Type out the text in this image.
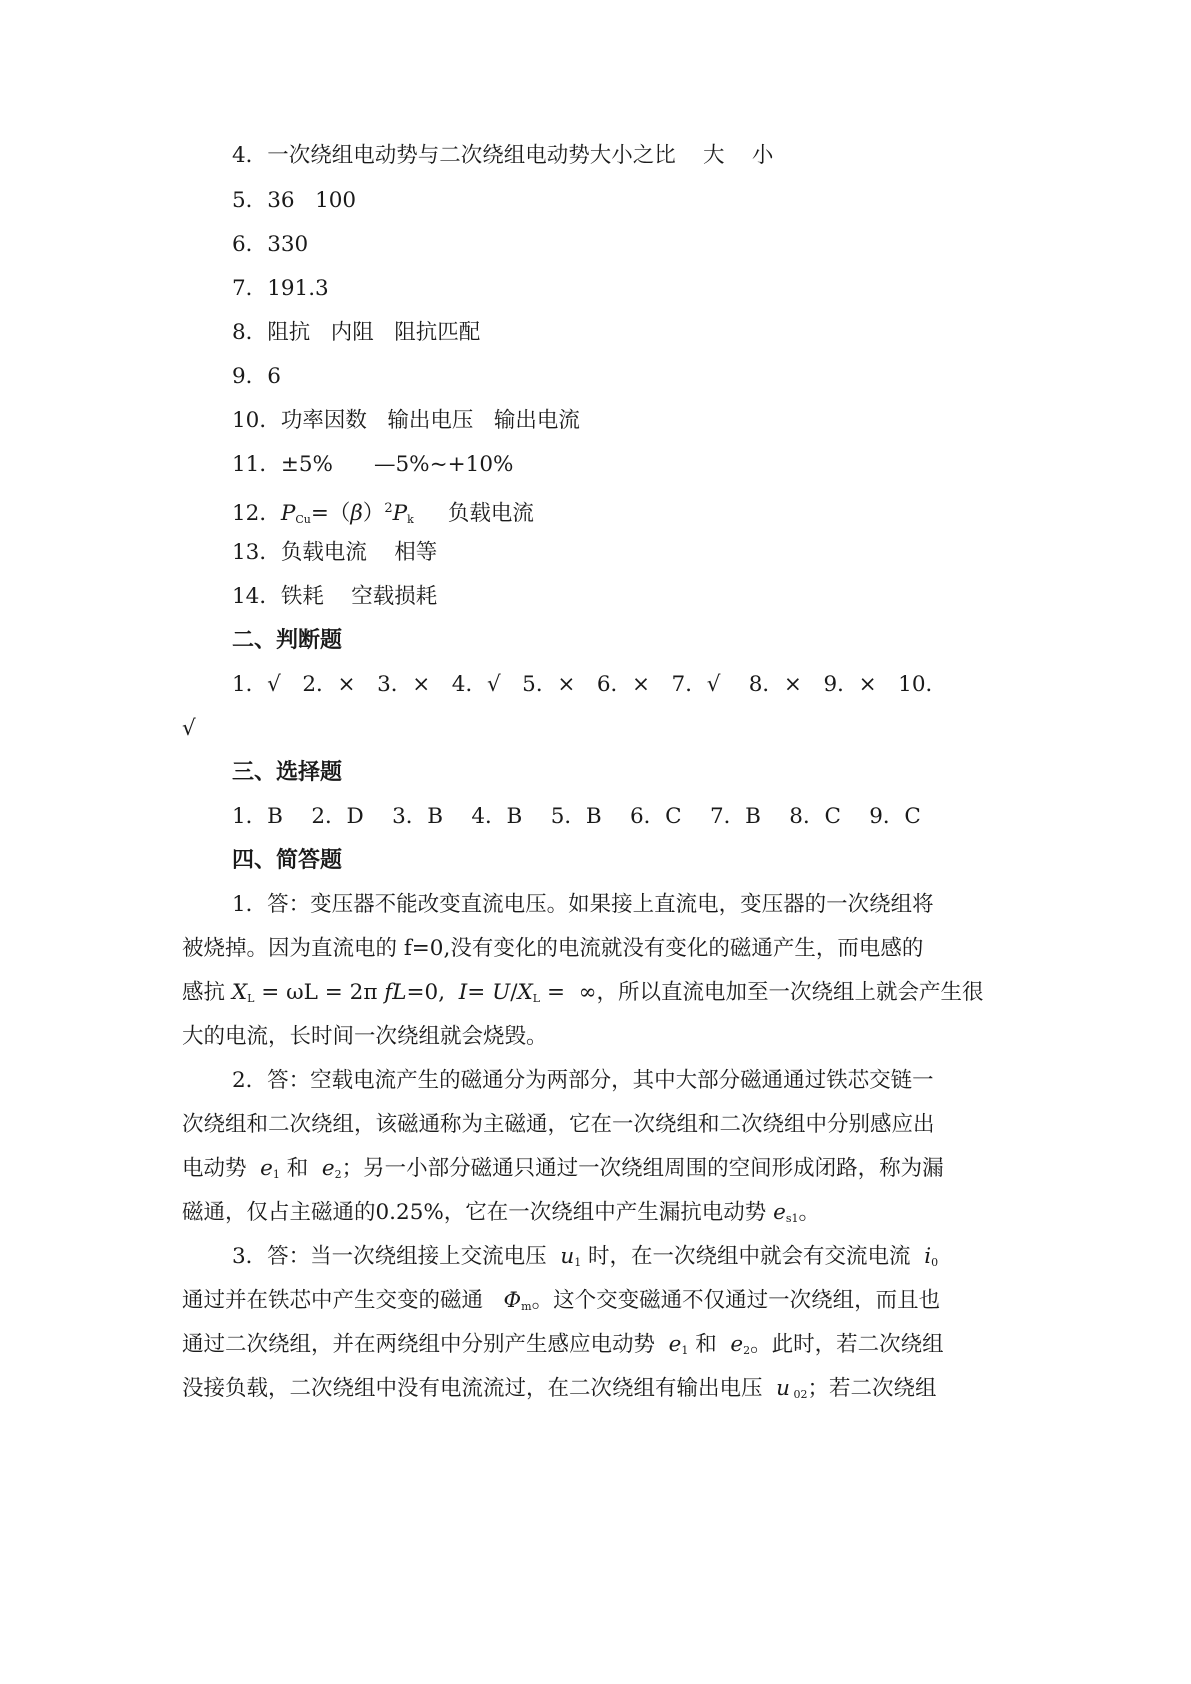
4．一次绕组电动势与二次绕组电动势大小之比 大 小
5．36 100
6．330
7．191.3
8．阻抗 内阻 阻抗匹配
9．6
10．功率因数 输出电压 输出电流
11．±5% —5%~+10%
12．$P_{Cu}=(\beta)^2P_k$ 负载电流
13．负载电流 相等
14．铁耗 空载损耗
二、判断题
1．√　2．×　3．×　4．√　5．×　6．×　7．√　 8．×　9．×　10．
√
三、选择题
1．B　 2．D　 3．B　 4．B　 5．B　 6．C　 7．B　 8．C　 9．C
四、简答题
1．答：变压器不能改变直流电压。如果接上直流电，变压器的一次绕组将
被烧掉。因为直流电的 f=0,没有变化的电流就没有变化的磁通产生，而电感的
感抗 $X_L = \omega L = 2\pi$ fL=0,  $I= U/X_L$ =  ∞，所以直流电加至一次绕组上就会产生很
大的电流，长时间一次绕组就会烧毁。
2．答：空载电流产生的磁通分为两部分，其中大部分磁通通过铁芯交链一
次绕组和二次绕组，该磁通称为主磁通，它在一次绕组和二次绕组中分别感应出
电动势  $e_1$ 和  $e_2$；另一小部分磁通只通过一次绕组周围的空间形成闭路，称为漏
磁通，仅占主磁通的0.25%，它在一次绕组中产生漏抗电动势 $e_{s1}$。
3．答：当一次绕组接上交流电压  $u_1$ 时，在一次绕组中就会有交流电流  $i_0$
通过并在铁芯中产生交变的磁通   $\Phi_m$。这个交变磁通不仅通过一次绕组，而且也
通过二次绕组，并在两绕组中分别产生感应电动势  $e_1$ 和  $e_2$。此时，若二次绕组
没接负载，二次绕组中没有电流流过，在二次绕组有输出电压  u $_{02}$；若二次绕组
